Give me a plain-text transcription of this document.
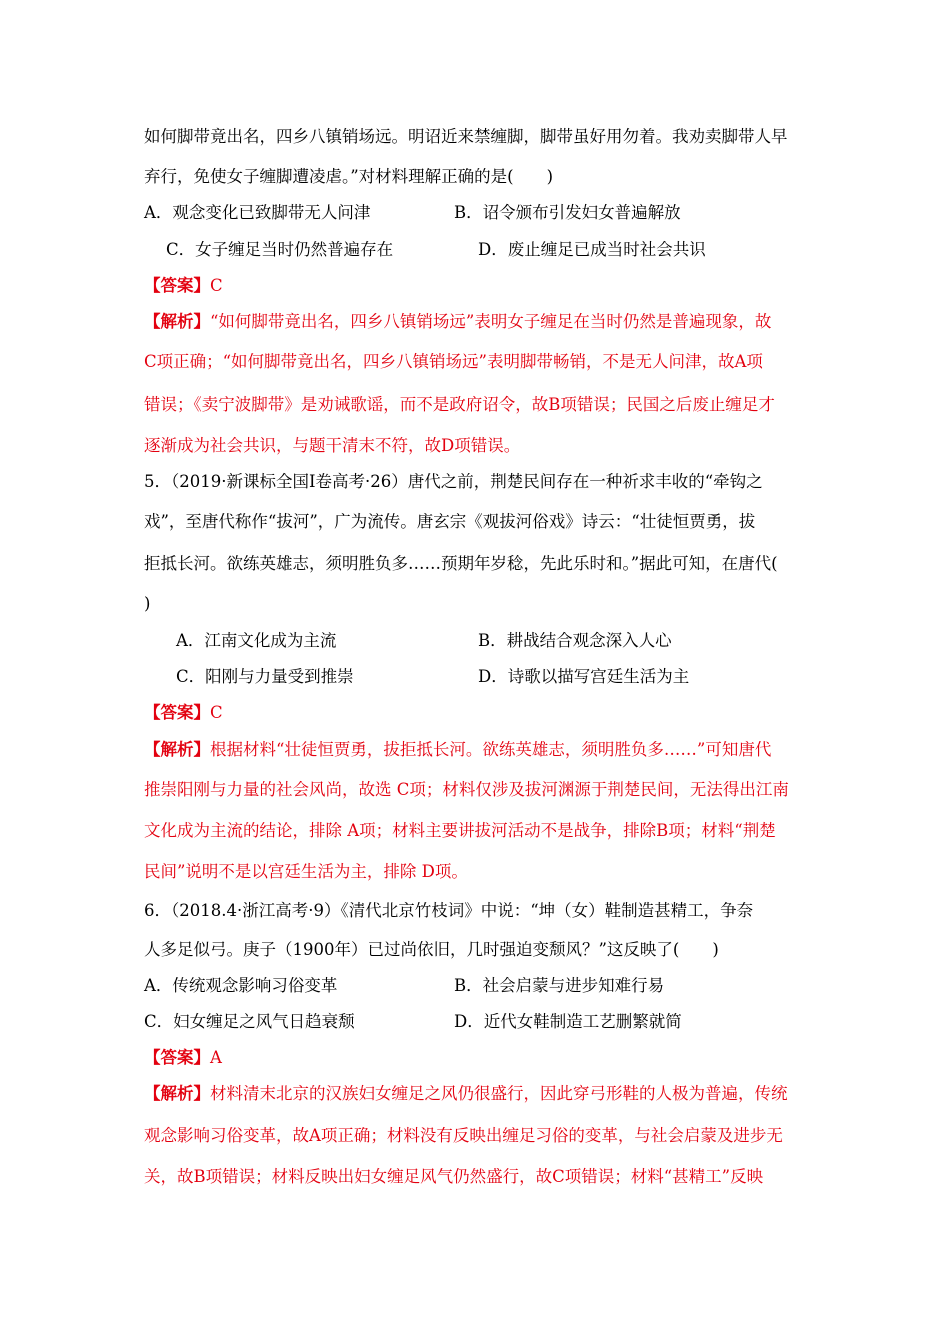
如何脚带竟出名，四乡八镇销场远。明诏近来禁缠脚，脚带虽好用勿着。我劝卖脚带人早
弃行，免使女子缠脚遭凌虐。”对材料理解正确的是(　　)
A．观念变化已致脚带无人问津	B．诏令颁布引发妇女普遍解放
C．女子缠足当时仍然普遍存在	D．废止缠足已成当时社会共识
【答案】C
【解析】“如何脚带竟出名，四乡八镇销场远”表明女子缠足在当时仍然是普遍现象，故
C项正确；“如何脚带竟出名，四乡八镇销场远”表明脚带畅销，不是无人问津，故A项
错误；《卖宁波脚带》是劝诫歌谣，而不是政府诏令，故B项错误；民国之后废止缠足才
逐渐成为社会共识，与题干清末不符，故D项错误。
5．（2019·新课标全国Ⅰ卷高考·26）唐代之前，荆楚民间存在一种祈求丰收的“牵钩之
戏”，至唐代称作“拔河”，广为流传。唐玄宗《观拔河俗戏》诗云：“壮徒恒贾勇，拔
拒抵长河。欲练英雄志，须明胜负多……预期年岁稔，先此乐时和。”据此可知，在唐代(
)
A．江南文化成为主流	B．耕战结合观念深入人心
C．阳刚与力量受到推崇	D．诗歌以描写宫廷生活为主
【答案】C
【解析】根据材料“壮徒恒贾勇，拔拒抵长河。欲练英雄志，须明胜负多……”可知唐代
推崇阳刚与力量的社会风尚，故选 C项；材料仅涉及拔河渊源于荆楚民间，无法得出江南
文化成为主流的结论，排除 A项；材料主要讲拔河活动不是战争，排除B项；材料“荆楚
民间”说明不是以宫廷生活为主，排除 D项。
6．（2018.4·浙江高考·9）《清代北京竹枝词》中说：“坤（女）鞋制造甚精工，争奈
人多足似弓。庚子（1900年）已过尚依旧，几时强迫变颓风？”这反映了(　　)
A．传统观念影响习俗变革	B．社会启蒙与进步知难行易
C．妇女缠足之风气日趋衰颓	D．近代女鞋制造工艺删繁就简
【答案】A
【解析】材料清末北京的汉族妇女缠足之风仍很盛行，因此穿弓形鞋的人极为普遍，传统
观念影响习俗变革，故A项正确；材料没有反映出缠足习俗的变革，与社会启蒙及进步无
关，故B项错误；材料反映出妇女缠足风气仍然盛行，故C项错误；材料“甚精工”反映
